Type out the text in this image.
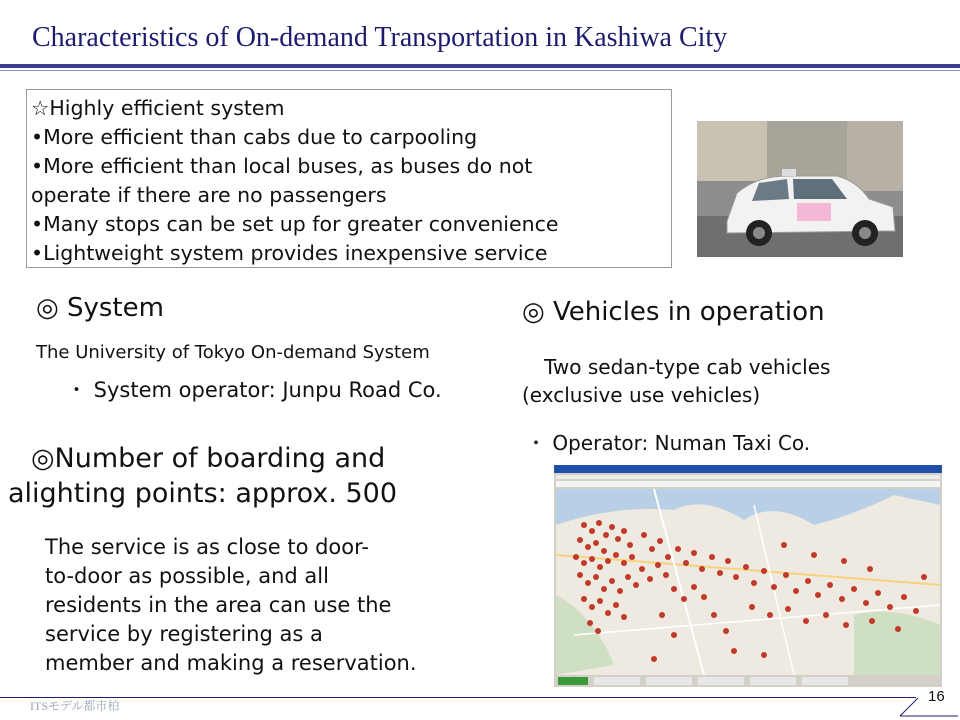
Characteristics of On-demand Transportation in Kashiwa City
☆Highly efficient system
•More efficient than cabs due to carpooling
•More efficient than local buses, as buses do not
operate if there are no passengers
•Many stops can be set up for greater convenience
•Lightweight system provides inexpensive service
◎ System
The University of Tokyo On-demand System
・ System operator: Junpu Road Co.
◎ Vehicles in operation
Two sedan-type cab vehicles
(exclusive use vehicles)
・ Operator: Numan Taxi Co.
◎Number of boarding and
alighting points: approx. 500
The service is as close to door-
to-door as possible, and all
residents in the area can use the
service by registering as a
member and making a reservation.
ITSモデル都市柏
16
